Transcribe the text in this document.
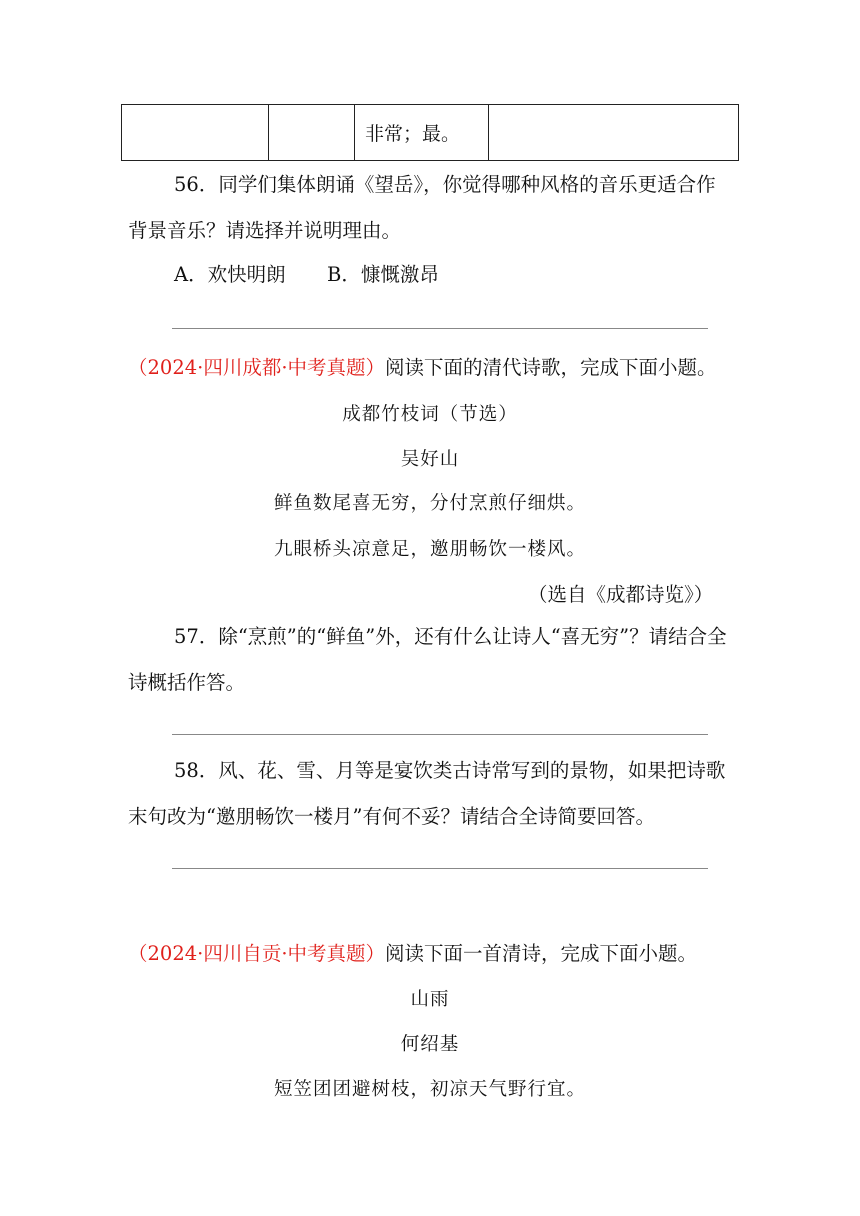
		非常；最。	
56．同学们集体朗诵《望岳》，你觉得哪种风格的音乐更适合作
背景音乐？请选择并说明理由。
A．欢快明朗 B．慷慨激昂
（2024·四川成都·中考真题）阅读下面的清代诗歌，完成下面小题。
成都竹枝词（节选）
吴好山
鲜鱼数尾喜无穷，分付烹煎仔细烘。
九眼桥头凉意足，邀朋畅饮一楼风。
（选自《成都诗览》）
57．除“烹煎”的“鲜鱼”外，还有什么让诗人“喜无穷”？请结合全
诗概括作答。
58．风、花、雪、月等是宴饮类古诗常写到的景物，如果把诗歌
末句改为“邀朋畅饮一楼月”有何不妥？请结合全诗简要回答。
（2024·四川自贡·中考真题）阅读下面一首清诗，完成下面小题。
山雨
何绍基
短笠团团避树枝，初凉天气野行宜。
